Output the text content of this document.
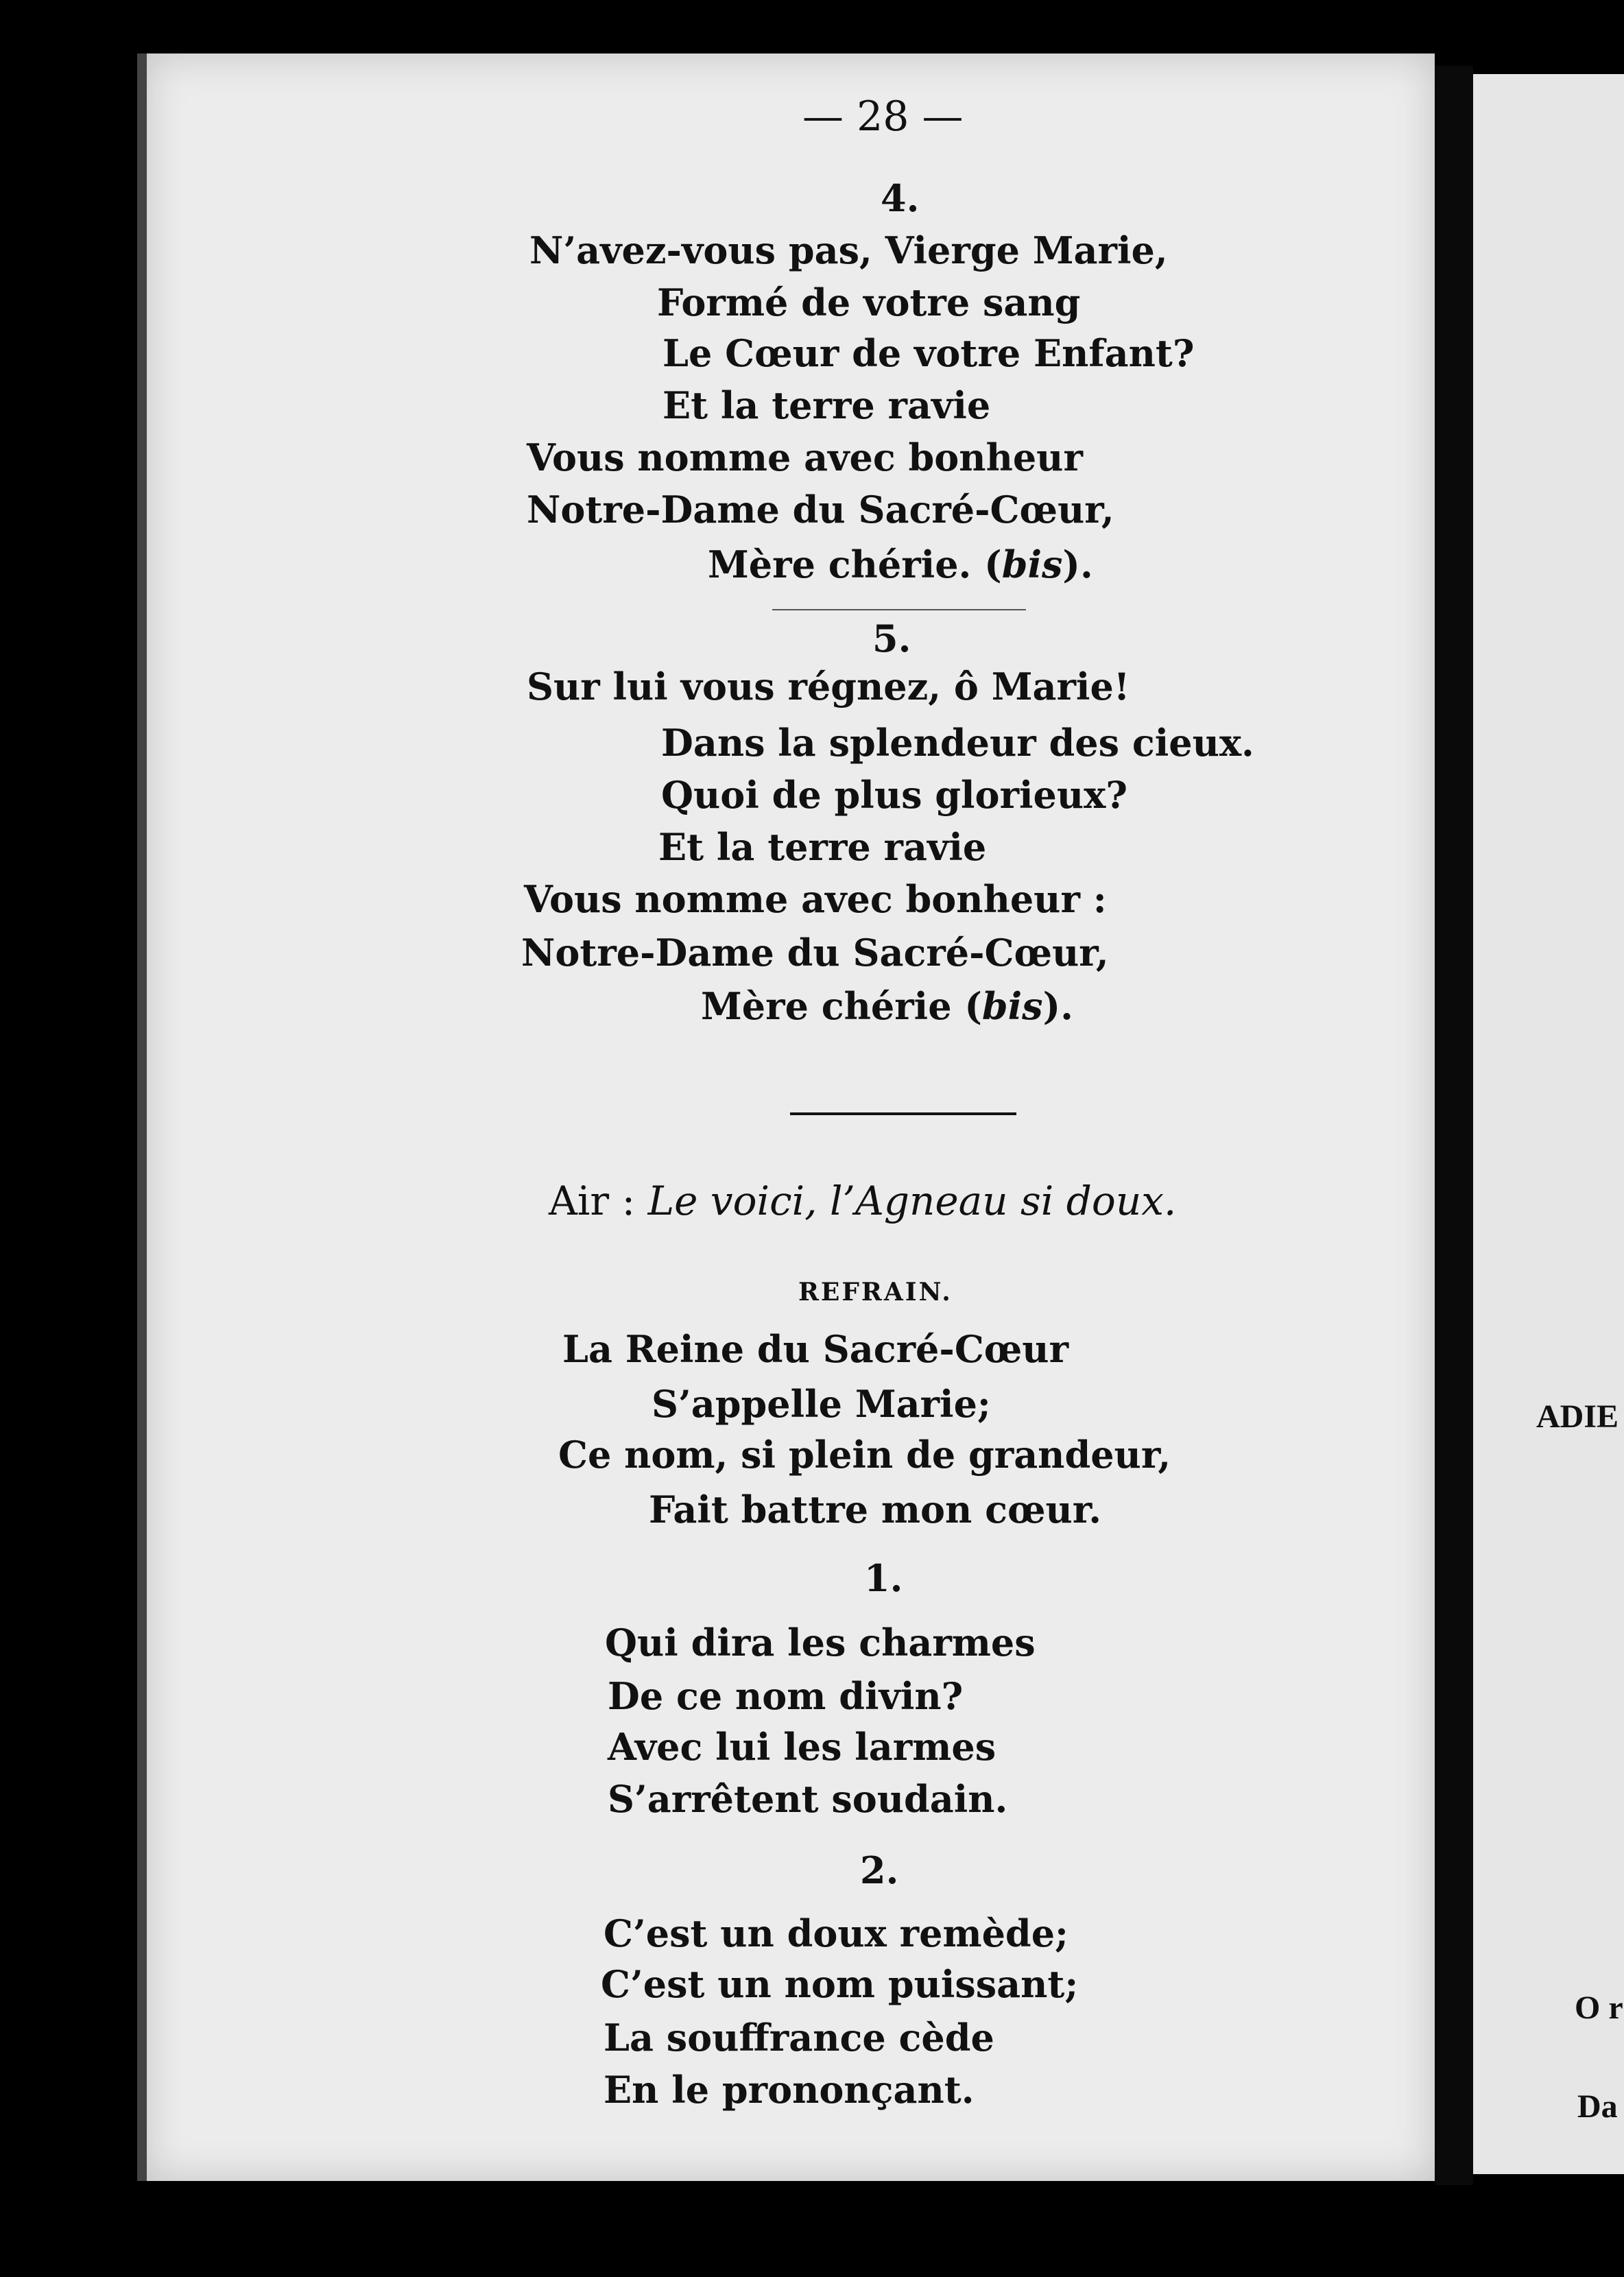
— 28 —
4.
N’avez-vous pas, Vierge Marie,
Formé de votre sang
Le Cœur de votre Enfant?
Et la terre ravie
Vous nomme avec bonheur
Notre-Dame du Sacré-Cœur,
Mère chérie. (bis).
5.
Sur lui vous régnez, ô Marie!
Dans la splendeur des cieux.
Quoi de plus glorieux?
Et la terre ravie
Vous nomme avec bonheur :
Notre-Dame du Sacré-Cœur,
Mère chérie (bis).
Air : Le voici, l’Agneau si doux.
REFRAIN.
La Reine du Sacré-Cœur
S’appelle Marie;
Ce nom, si plein de grandeur,
Fait battre mon cœur.
1.
Qui dira les charmes
De ce nom divin?
Avec lui les larmes
S’arrêtent soudain.
2.
C’est un doux remède;
C’est un nom puissant;
La souffrance cède
En le prononçant.
ADIE
O r
Da
